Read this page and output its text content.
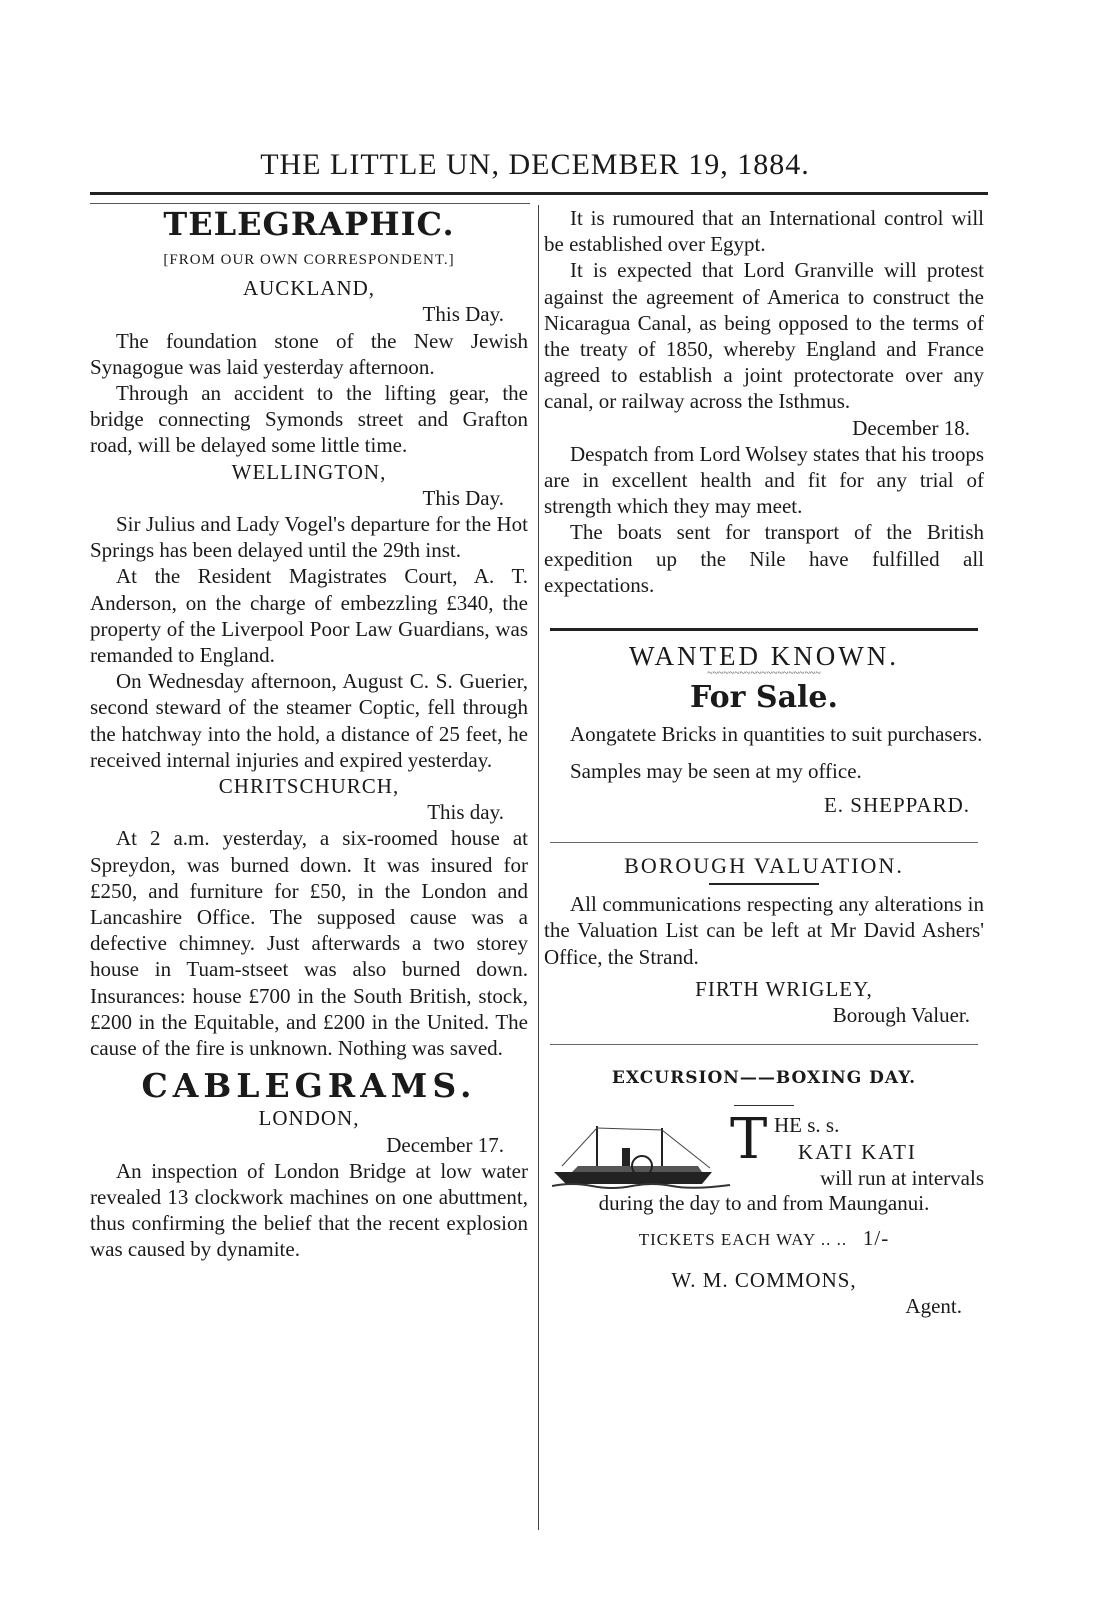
THE LITTLE UN, DECEMBER 19, 1884.
TELEGRAPHIC.
[FROM OUR OWN CORRESPONDENT.]
AUCKLAND,
This Day.

The foundation stone of the New Jewish Synagogue was laid yesterday afternoon.

Through an accident to the lifting gear, the bridge connecting Symonds street and Grafton road, will be delayed some little time.

WELLINGTON,
This Day.

Sir Julius and Lady Vogel's departure for the Hot Springs has been delayed until the 29th inst.

At the Resident Magistrates Court, A. T. Anderson, on the charge of embezzling £340, the property of the Liverpool Poor Law Guardians, was remanded to England.

On Wednesday afternoon, August C. S. Guerier, second steward of the steamer Coptic, fell through the hatchway into the hold, a distance of 25 feet, he received internal injuries and expired yesterday.

CHRITSCHURCH,
This day.

At 2 a.m. yesterday, a six-roomed house at Spreydon, was burned down. It was insured for £250, and furniture for £50, in the London and Lancashire Office. The supposed cause was a defective chimney. Just afterwards a two storey house in Tuam-stseet was also burned down. Insurances: house £700 in the South British, stock, £200 in the Equitable, and £200 in the United. The cause of the fire is unknown. Nothing was saved.

CABLEGRAMS.
LONDON,
December 17.

An inspection of London Bridge at low water revealed 13 clockwork machines on one abuttment, thus confirming the belief that the recent explosion was caused by dynamite.

It is rumoured that an International control will be established over Egypt.

It is expected that Lord Granville will protest against the agreement of America to construct the Nicaragua Canal, as being opposed to the terms of the treaty of 1850, whereby England and France agreed to establish a joint protectorate over any canal, or railway across the Isthmus.

December 18.

Despatch from Lord Wolsey states that his troops are in excellent health and fit for any trial of strength which they may meet.

The boats sent for transport of the British expedition up the Nile have fulfilled all expectations.

WANTED KNOWN.
~~~~~~~~~~~~~~~~~~~~~
For Sale.

Aongatete Bricks in quantities to suit purchasers.

Samples may be seen at my office.

E. SHEPPARD.
BOROUGH VALUATION.

All communications respecting any alterations in the Valuation List can be left at Mr David Ashers' Office, the Strand.

FIRTH WRIGLEY,
Borough Valuer.
EXCURSION——BOXING DAY.
T HE s. s.
KATI KATI
will run at intervals
during the day to and from Maunganui.
TICKETS EACH WAY .. .. 1/-
W. M. COMMONS,
Agent.
